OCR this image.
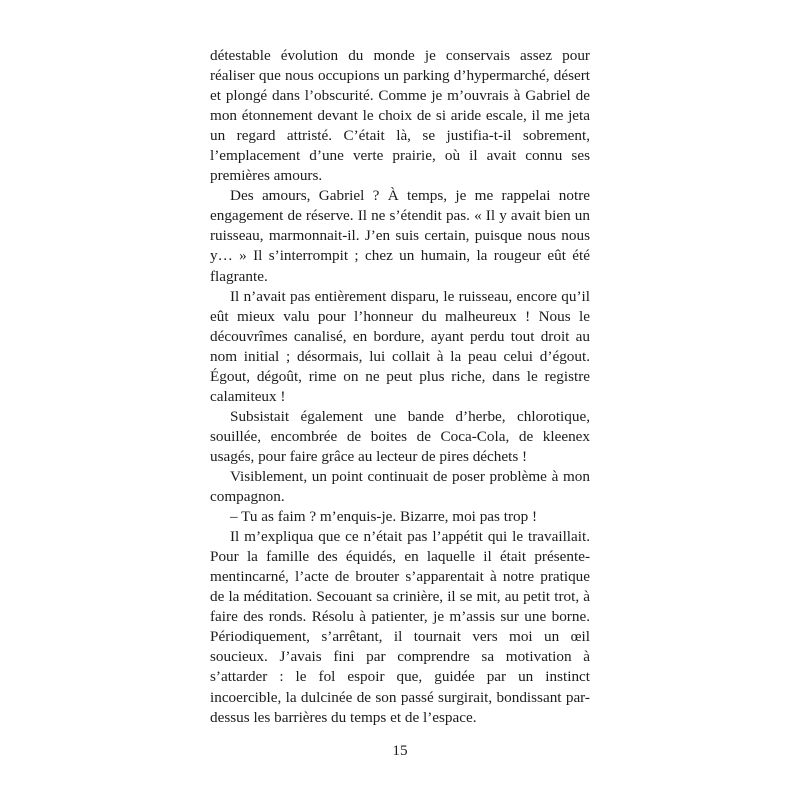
détestable évolution du monde je conservais assez pour réaliser que nous occupions un parking d’hypermarché, désert et plongé dans l’obscurité. Comme je m’ouvrais à Gabriel de mon étonnement devant le choix de si aride escale, il me jeta un regard attristé. C’était là, se justifia-t-il sobrement, l’emplacement d’une verte prairie, où il avait connu ses premières amours.

Des amours, Gabriel ? À temps, je me rappelai notre engagement de réserve. Il ne s’étendit pas. « Il y avait bien un ruisseau, marmonnait-il. J’en suis certain, puisque nous nous y… » Il s’interrompit ; chez un humain, la rougeur eût été flagrante.

Il n’avait pas entièrement disparu, le ruisseau, encore qu’il eût mieux valu pour l’honneur du malheureux ! Nous le découvrîmes canalisé, en bordure, ayant perdu tout droit au nom initial ; désormais, lui collait à la peau celui d’égout. Égout, dégoût, rime on ne peut plus riche, dans le registre calamiteux !

Subsistait également une bande d’herbe, chlorotique, souillée, encombrée de boites de Coca-Cola, de kleenex usagés, pour faire grâce au lecteur de pires déchets !

Visiblement, un point continuait de poser problème à mon compagnon.

– Tu as faim ? m’enquis-je. Bizarre, moi pas trop !

Il m’expliqua que ce n’était pas l’appétit qui le travaillait. Pour la famille des équidés, en laquelle il était présentementincarné, l’acte de brouter s’apparentait à notre pratique de la méditation. Secouant sa crinière, il se mit, au petit trot, à faire des ronds. Résolu à patienter, je m’assis sur une borne. Périodiquement, s’arrêtant, il tournait vers moi un œil soucieux. J’avais fini par comprendre sa motivation à s’attarder : le fol espoir que, guidée par un instinct incoercible, la dulcinée de son passé surgirait, bondissant par-dessus les barrières du temps et de l’espace.

15
